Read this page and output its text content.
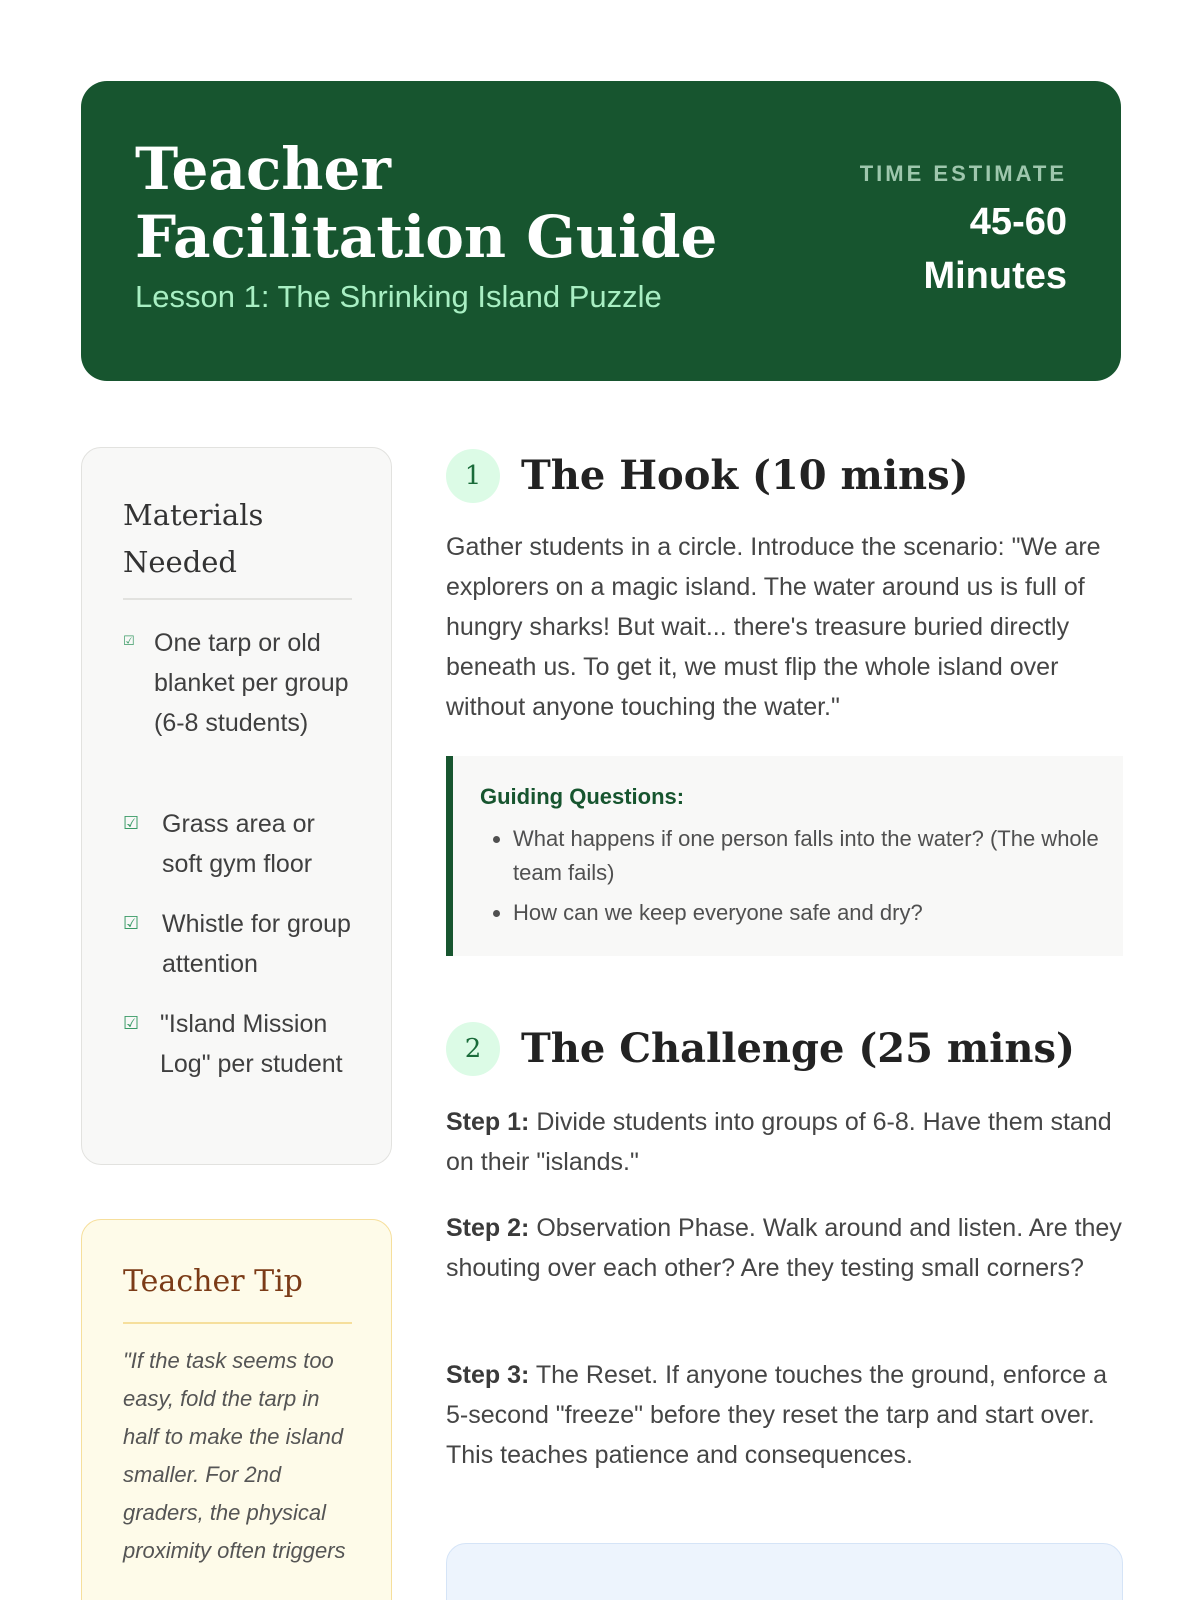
Teacher Facilitation Guide
Lesson 1: The Shrinking Island Puzzle
TIME ESTIMATE
45-60
Minutes
Materials Needed
☑ One tarp or old blanket per group (6-8 students)
☑ Grass area or soft gym floor
☑ Whistle for group attention
☑ "Island Mission Log" per student
Teacher Tip
"If the task seems too easy, fold the tarp in half to make the island smaller. For 2nd graders, the physical proximity often triggers
1 The Hook (10 mins)

Gather students in a circle. Introduce the scenario: "We are explorers on a magic island. The water around us is full of hungry sharks! But wait... there's treasure buried directly beneath us. To get it, we must flip the whole island over without anyone touching the water."

Guiding Questions:
• What happens if one person falls into the water? (The whole team fails)
• How can we keep everyone safe and dry?
2 The Challenge (25 mins)

Step 1: Divide students into groups of 6-8. Have them stand on their "islands."

Step 2: Observation Phase. Walk around and listen. Are they shouting over each other? Are they testing small corners?

Step 3: The Reset. If anyone touches the ground, enforce a 5-second "freeze" before they reset the tarp and start over. This teaches patience and consequences.
